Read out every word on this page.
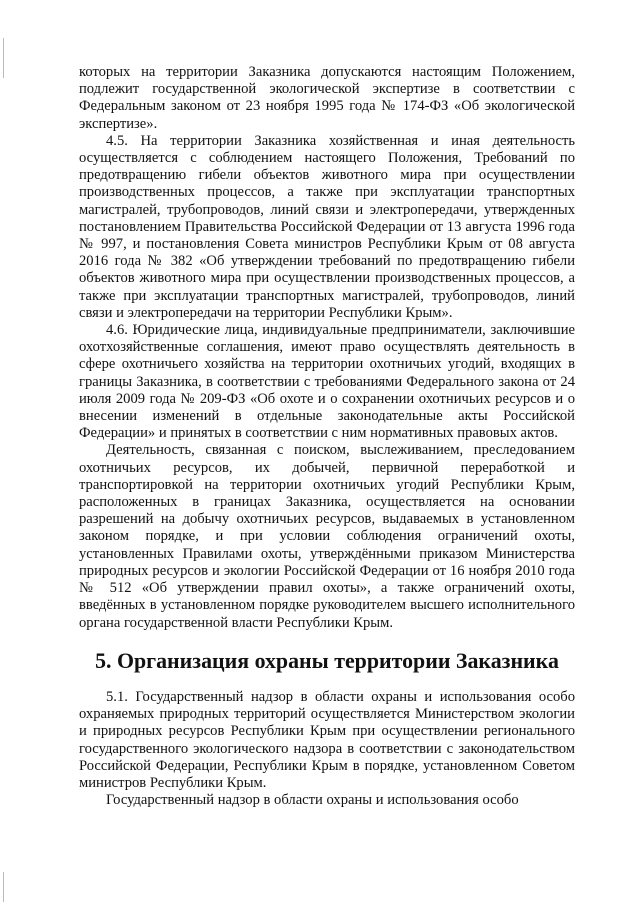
которых на территории Заказника допускаются настоящим Положением, подлежит государственной экологической экспертизе в соответствии с Федеральным законом от 23 ноября 1995 года № 174-ФЗ «Об экологической экспертизе».

4.5. На территории Заказника хозяйственная и иная деятельность осуществляется с соблюдением настоящего Положения, Требований по предотвращению гибели объектов животного мира при осуществлении производственных процессов, а также при эксплуатации транспортных магистралей, трубопроводов, линий связи и электропередачи, утвержденных постановлением Правительства Российской Федерации от 13 августа 1996 года № 997, и постановления Совета министров Республики Крым от 08 августа 2016 года № 382 «Об утверждении требований по предотвращению гибели объектов животного мира при осуществлении производственных процессов, а также при эксплуатации транспортных магистралей, трубопроводов, линий связи и электропередачи на территории Республики Крым».

4.6. Юридические лица, индивидуальные предприниматели, заключившие охотхозяйственные соглашения, имеют право осуществлять деятельность в сфере охотничьего хозяйства на территории охотничьих угодий, входящих в границы Заказника, в соответствии с требованиями Федерального закона от 24 июля 2009 года № 209-ФЗ «Об охоте и о сохранении охотничьих ресурсов и о внесении изменений в отдельные законодательные акты Российской Федерации» и принятых в соответствии с ним нормативных правовых актов.

Деятельность, связанная с поиском, выслеживанием, преследованием охотничьих ресурсов, их добычей, первичной переработкой и транспортировкой на территории охотничьих угодий Республики Крым, расположенных в границах Заказника, осуществляется на основании разрешений на добычу охотничьих ресурсов, выдаваемых в установленном законом порядке, и при условии соблюдения ограничений охоты, установленных Правилами охоты, утверждёнными приказом Министерства природных ресурсов и экологии Российской Федерации от 16 ноября 2010 года № 512 «Об утверждении правил охоты», а также ограничений охоты, введённых в установленном порядке руководителем высшего исполнительного органа государственной власти Республики Крым.

5. Организация охраны территории Заказника

5.1. Государственный надзор в области охраны и использования особо охраняемых природных территорий осуществляется Министерством экологии и природных ресурсов Республики Крым при осуществлении регионального государственного экологического надзора в соответствии с законодательством Российской Федерации, Республики Крым в порядке, установленном Советом министров Республики Крым.

Государственный надзор в области охраны и использования особо
